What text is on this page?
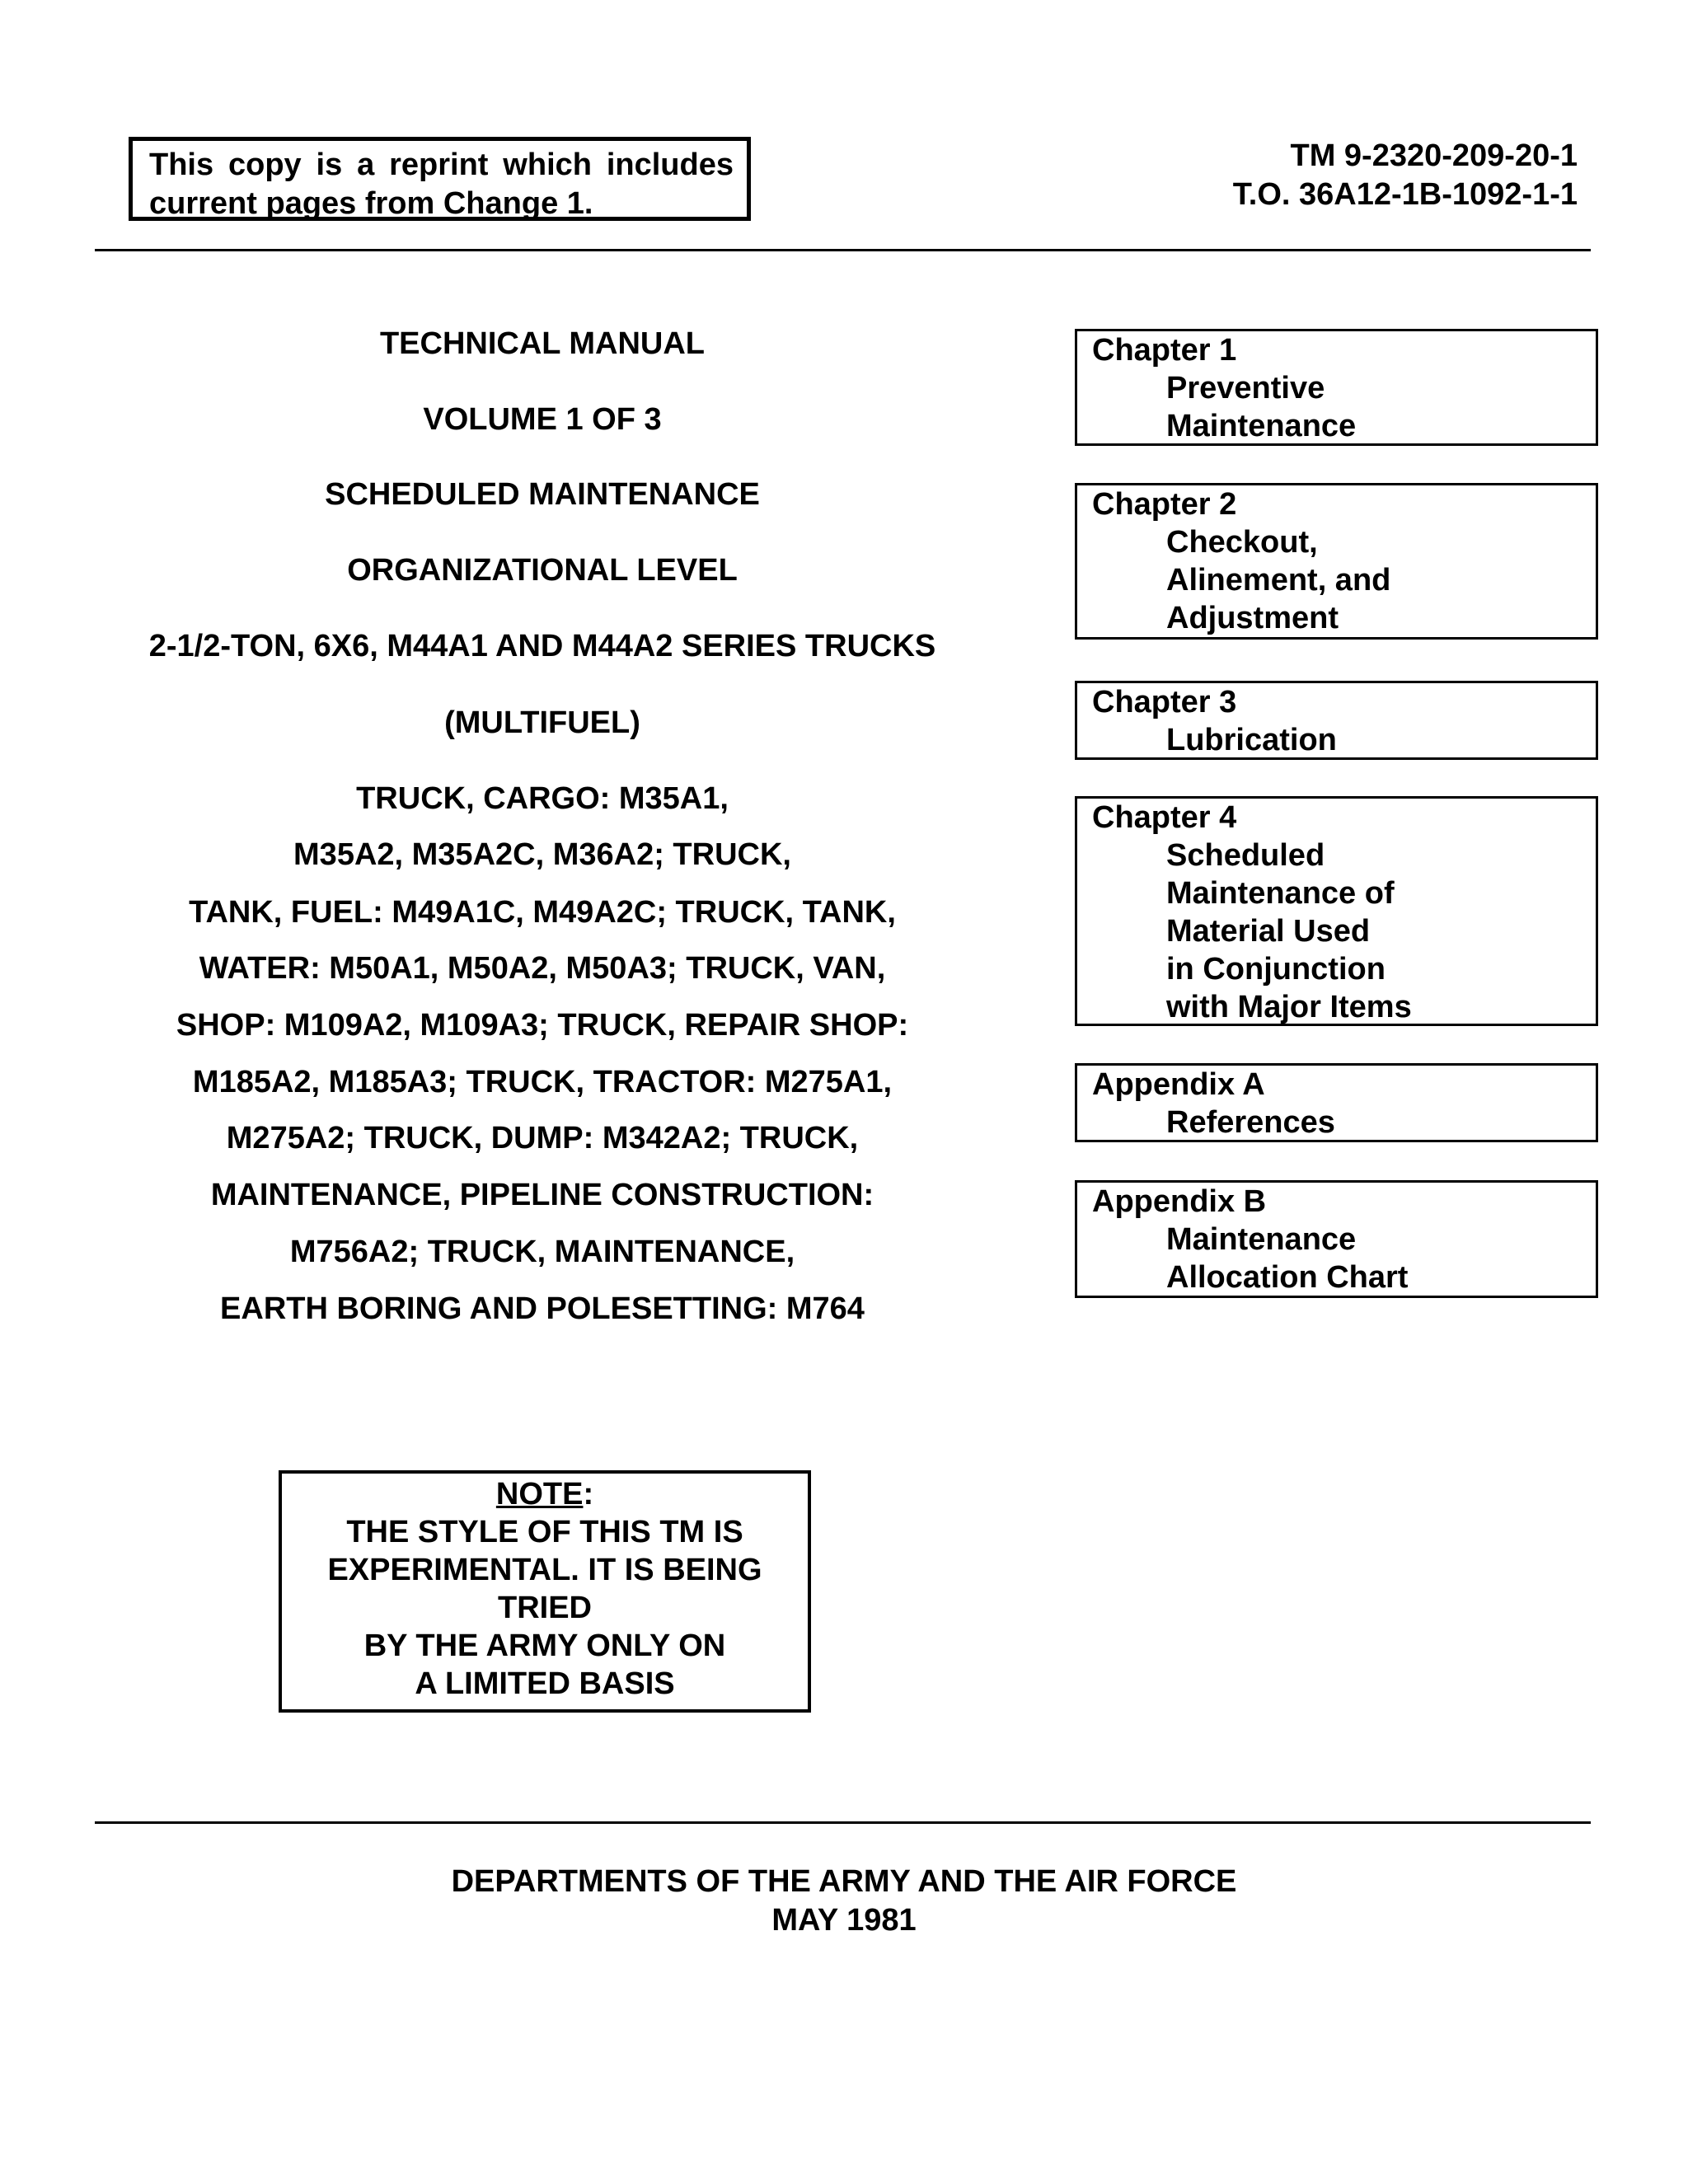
This copy is a reprint which includes
current pages from Change 1.
TM 9-2320-209-20-1
T.O. 36A12-1B-1092-1-1
TECHNICAL MANUAL
VOLUME 1 OF 3
SCHEDULED MAINTENANCE
ORGANIZATIONAL LEVEL
2-1/2-TON, 6X6, M44A1 AND M44A2 SERIES TRUCKS
(MULTIFUEL)
TRUCK, CARGO: M35A1,
M35A2, M35A2C, M36A2; TRUCK,
TANK, FUEL: M49A1C, M49A2C; TRUCK, TANK,
WATER: M50A1, M50A2, M50A3; TRUCK, VAN,
SHOP: M109A2, M109A3; TRUCK, REPAIR SHOP:
M185A2, M185A3; TRUCK, TRACTOR: M275A1,
M275A2; TRUCK, DUMP: M342A2; TRUCK,
MAINTENANCE, PIPELINE CONSTRUCTION:
M756A2; TRUCK, MAINTENANCE,
EARTH BORING AND POLESETTING: M764
Chapter 1
Preventive
Maintenance
Chapter 2
Checkout,
Alinement, and
Adjustment
Chapter 3
Lubrication
Chapter 4
Scheduled
Maintenance of
Material Used
in Conjunction
with Major Items
Appendix A
References
Appendix B
Maintenance
Allocation Chart
NOTE:
THE STYLE OF THIS TM IS
EXPERIMENTAL. IT IS BEING
TRIED
BY THE ARMY ONLY ON
A LIMITED BASIS
DEPARTMENTS OF THE ARMY AND THE AIR FORCE
MAY 1981
